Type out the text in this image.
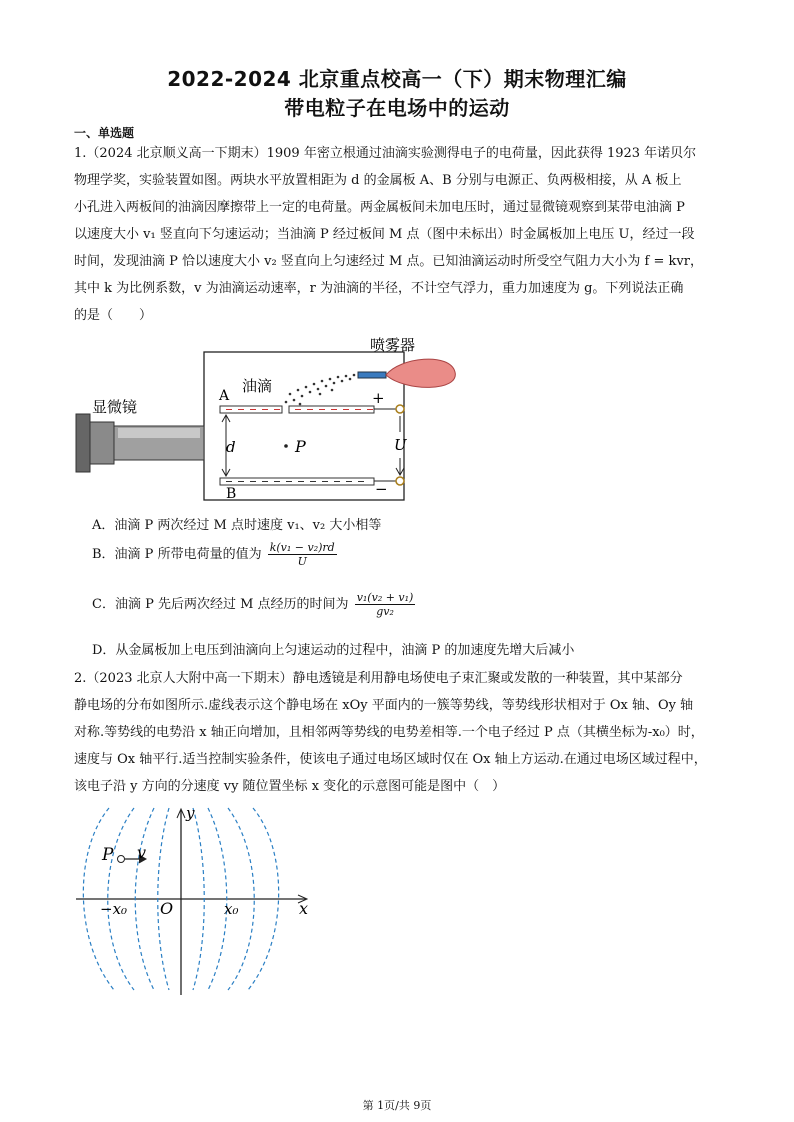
2022-2024 北京重点校高一（下）期末物理汇编
带电粒子在电场中的运动
一、单选题
1.（2024 北京顺义高一下期末）1909 年密立根通过油滴实验测得电子的电荷量，因此获得 1923 年诺贝尔
物理学奖，实验装置如图。两块水平放置相距为 d 的金属板 A、B 分别与电源正、负两极相接，从 A 板上
小孔进入两板间的油滴因摩擦带上一定的电荷量。两金属板间未加电压时，通过显微镜观察到某带电油滴 P
以速度大小 v₁ 竖直向下匀速运动；当油滴 P 经过板间 M 点（图中未标出）时金属板加上电压 U，经过一段
时间，发现油滴 P 恰以速度大小 v₂ 竖直向上匀速经过 M 点。已知油滴运动时所受空气阻力大小为 f = kvr，
其中 k 为比例系数，v 为油滴运动速率，r 为油滴的半径，不计空气浮力，重力加速度为 g。下列说法正确
的是（　　）
显微镜
喷雾器
油滴
A
B
d	P
+
−
U
A．油滴 P 两次经过 M 点时速度 v₁、v₂ 大小相等
B．油滴 P 所带电荷量的值为 $\frac{\text{k(v₁ − v₂)rd}}{U}$
C．油滴 P 先后两次经过 M 点经历的时间为 $\frac{\text{v₁(v₂ + v₁)}}{\text{gv₂}}$
D．从金属板加上电压到油滴向上匀速运动的过程中，油滴 P 的加速度先增大后减小
2.（2023 北京人大附中高一下期末）静电透镜是利用静电场使电子束汇聚或发散的一种装置，其中某部分
静电场的分布如图所示.虚线表示这个静电场在 xOy 平面内的一簇等势线，等势线形状相对于 Ox 轴、Oy 轴
对称.等势线的电势沿 x 轴正向增加，且相邻两等势线的电势差相等.一个电子经过 P 点（其横坐标为-x₀）时，
速度与 Ox 轴平行.适当控制实验条件，使该电子通过电场区域时仅在 Ox 轴上方运动.在通过电场区域过程中，
该电子沿 y 方向的分速度 vy 随位置坐标 x 变化的示意图可能是图中（　）
P v
y
x
O
−x₀	x₀
第 1页/共 9页
